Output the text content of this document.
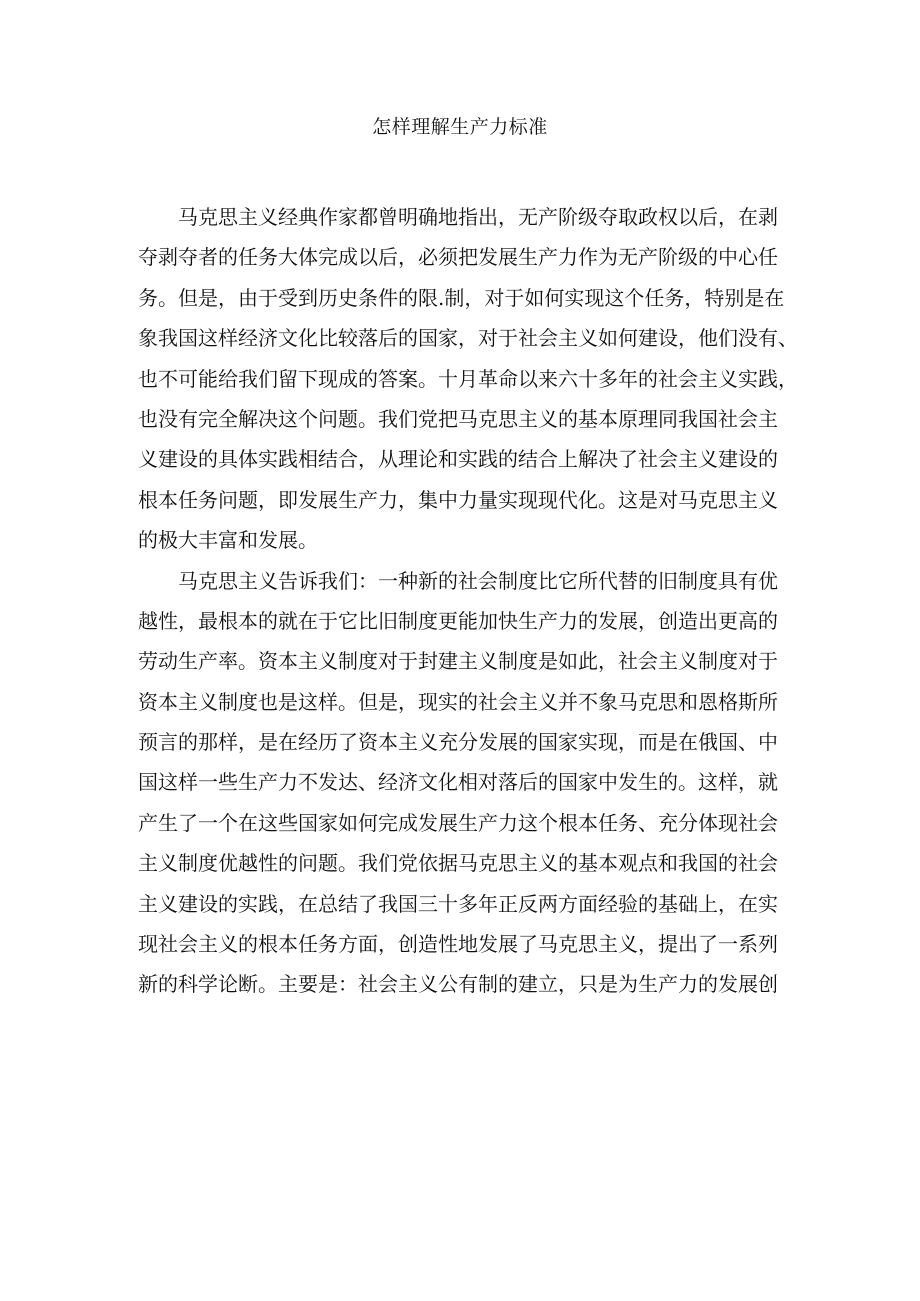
怎样理解生产力标准

马克思主义经典作家都曾明确地指出，无产阶级夺取政权以后，在剥
夺剥夺者的任务大体完成以后，必须把发展生产力作为无产阶级的中心任
务。但是，由于受到历史条件的限.制，对于如何实现这个任务，特别是在
象我国这样经济文化比较落后的国家，对于社会主义如何建设，他们没有、
也不可能给我们留下现成的答案。十月革命以来六十多年的社会主义实践，
也没有完全解决这个问题。我们党把马克思主义的基本原理同我国社会主
义建设的具体实践相结合，从理论和实践的结合上解决了社会主义建设的
根本任务问题，即发展生产力，集中力量实现现代化。这是对马克思主义
的极大丰富和发展。

马克思主义告诉我们：一种新的社会制度比它所代替的旧制度具有优
越性，最根本的就在于它比旧制度更能加快生产力的发展，创造出更高的
劳动生产率。资本主义制度对于封建主义制度是如此，社会主义制度对于
资本主义制度也是这样。但是，现实的社会主义并不象马克思和恩格斯所
预言的那样，是在经历了资本主义充分发展的国家实现，而是在俄国、中
国这样一些生产力不发达、经济文化相对落后的国家中发生的。这样，就
产生了一个在这些国家如何完成发展生产力这个根本任务、充分体现社会
主义制度优越性的问题。我们党依据马克思主义的基本观点和我国的社会
主义建设的实践，在总结了我国三十多年正反两方面经验的基础上，在实
现社会主义的根本任务方面，创造性地发展了马克思主义，提出了一系列
新的科学论断。主要是：社会主义公有制的建立，只是为生产力的发展创
